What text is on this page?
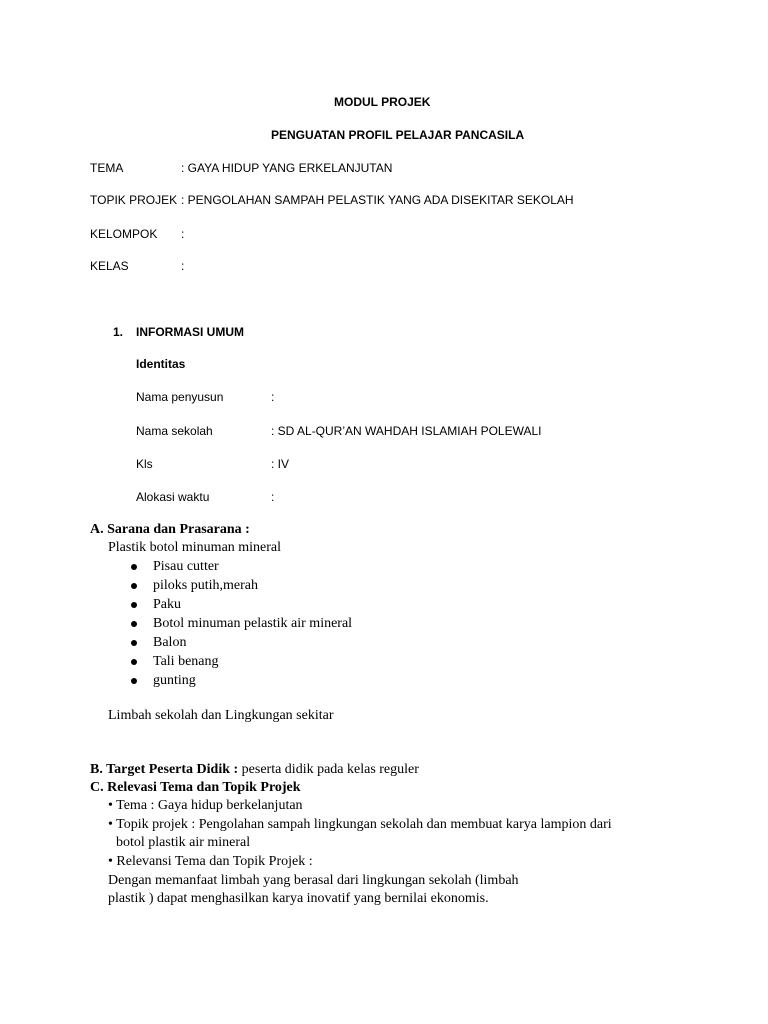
MODUL PROJEK
PENGUATAN PROFIL PELAJAR PANCASILA
TEMA	: GAYA HIDUP YANG ERKELANJUTAN
TOPIK PROJEK : PENGOLAHAN SAMPAH PELASTIK YANG ADA DISEKITAR SEKOLAH
KELOMPOK :
KELAS	:
1. INFORMASI UMUM
Identitas
Nama penyusun	:
Nama sekolah	: SD AL-QUR’AN WAHDAH ISLAMIAH POLEWALI
Kls	: IV
Alokasi waktu	:
A. Sarana dan Prasarana :
Plastik botol minuman mineral
Pisau cutter
piloks putih,merah
Paku
Botol minuman pelastik air mineral
Balon
Tali benang
gunting
Limbah sekolah dan Lingkungan sekitar
B. Target Peserta Didik : peserta didik pada kelas reguler
C. Relevasi Tema dan Topik Projek
• Tema : Gaya hidup berkelanjutan
• Topik projek : Pengolahan sampah lingkungan sekolah dan membuat karya lampion dari
botol plastik air mineral
• Relevansi Tema dan Topik Projek :
Dengan memanfaat limbah yang berasal dari lingkungan sekolah (limbah
plastik ) dapat menghasilkan karya inovatif yang bernilai ekonomis.
